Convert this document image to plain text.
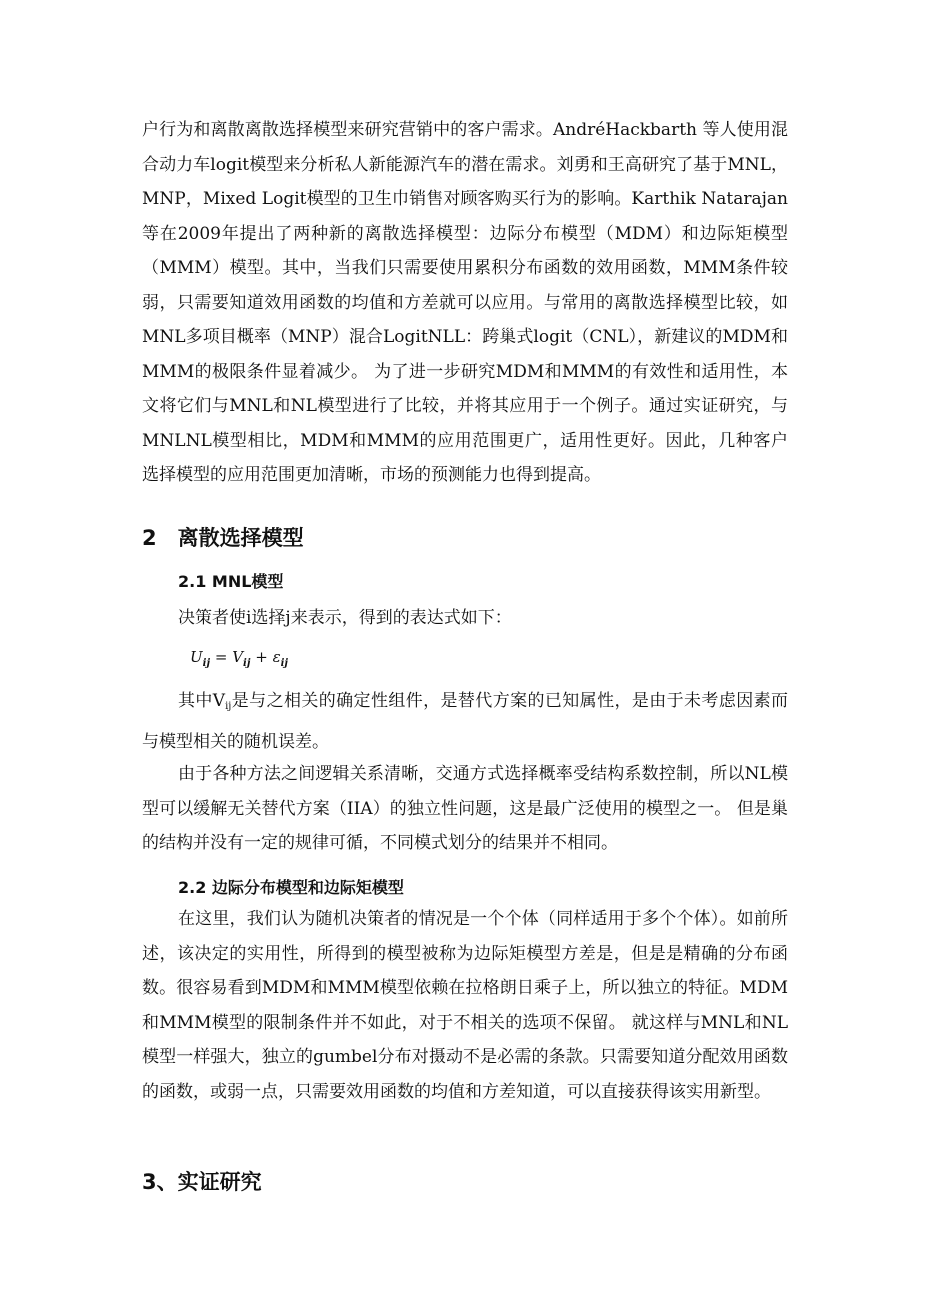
户行为和离散离散选择模型来研究营销中的客户需求。AndréHackbarth 等人使用混合动力车logit模型来分析私人新能源汽车的潜在需求。刘勇和王高研究了基于MNL，MNP，Mixed Logit模型的卫生巾销售对顾客购买行为的影响。Karthik Natarajan等在2009年提出了两种新的离散选择模型：边际分布模型（MDM）和边际矩模型（MMM）模型。其中，当我们只需要使用累积分布函数的效用函数，MMM条件较弱，只需要知道效用函数的均值和方差就可以应用。与常用的离散选择模型比较，如MNL多项目概率（MNP）混合LogitNLL：跨巢式logit（CNL），新建议的MDM和MMM的极限条件显着减少。 为了进一步研究MDM和MMM的有效性和适用性，本文将它们与MNL和NL模型进行了比较，并将其应用于一个例子。通过实证研究，与MNLNL模型相比，MDM和MMM的应用范围更广，适用性更好。因此，几种客户选择模型的应用范围更加清晰，市场的预测能力也得到提高。

2　离散选择模型
2.1 MNL模型

决策者使i选择j来表示，得到的表达式如下：

$U_{ij} = V_{ij} + \varepsilon_{ij}$

其中$V_{ij}$是与之相关的确定性组件，是替代方案的已知属性，是由于未考虑因素而与模型相关的随机误差。

由于各种方法之间逻辑关系清晰，交通方式选择概率受结构系数控制，所以NL模型可以缓解无关替代方案（IIA）的独立性问题，这是最广泛使用的模型之一。 但是巢的结构并没有一定的规律可循，不同模式划分的结果并不相同。

2.2 边际分布模型和边际矩模型

在这里，我们认为随机决策者的情况是一个个体（同样适用于多个个体）。如前所述，该决定的实用性，所得到的模型被称为边际矩模型方差是，但是是精确的分布函数。很容易看到MDM和MMM模型依赖在拉格朗日乘子上，所以独立的特征。MDM和MMM模型的限制条件并不如此，对于不相关的选项不保留。 就这样与MNL和NL模型一样强大，独立的gumbel分布对摄动不是必需的条款。只需要知道分配效用函数的函数，或弱一点，只需要效用函数的均值和方差知道，可以直接获得该实用新型。

3、实证研究
